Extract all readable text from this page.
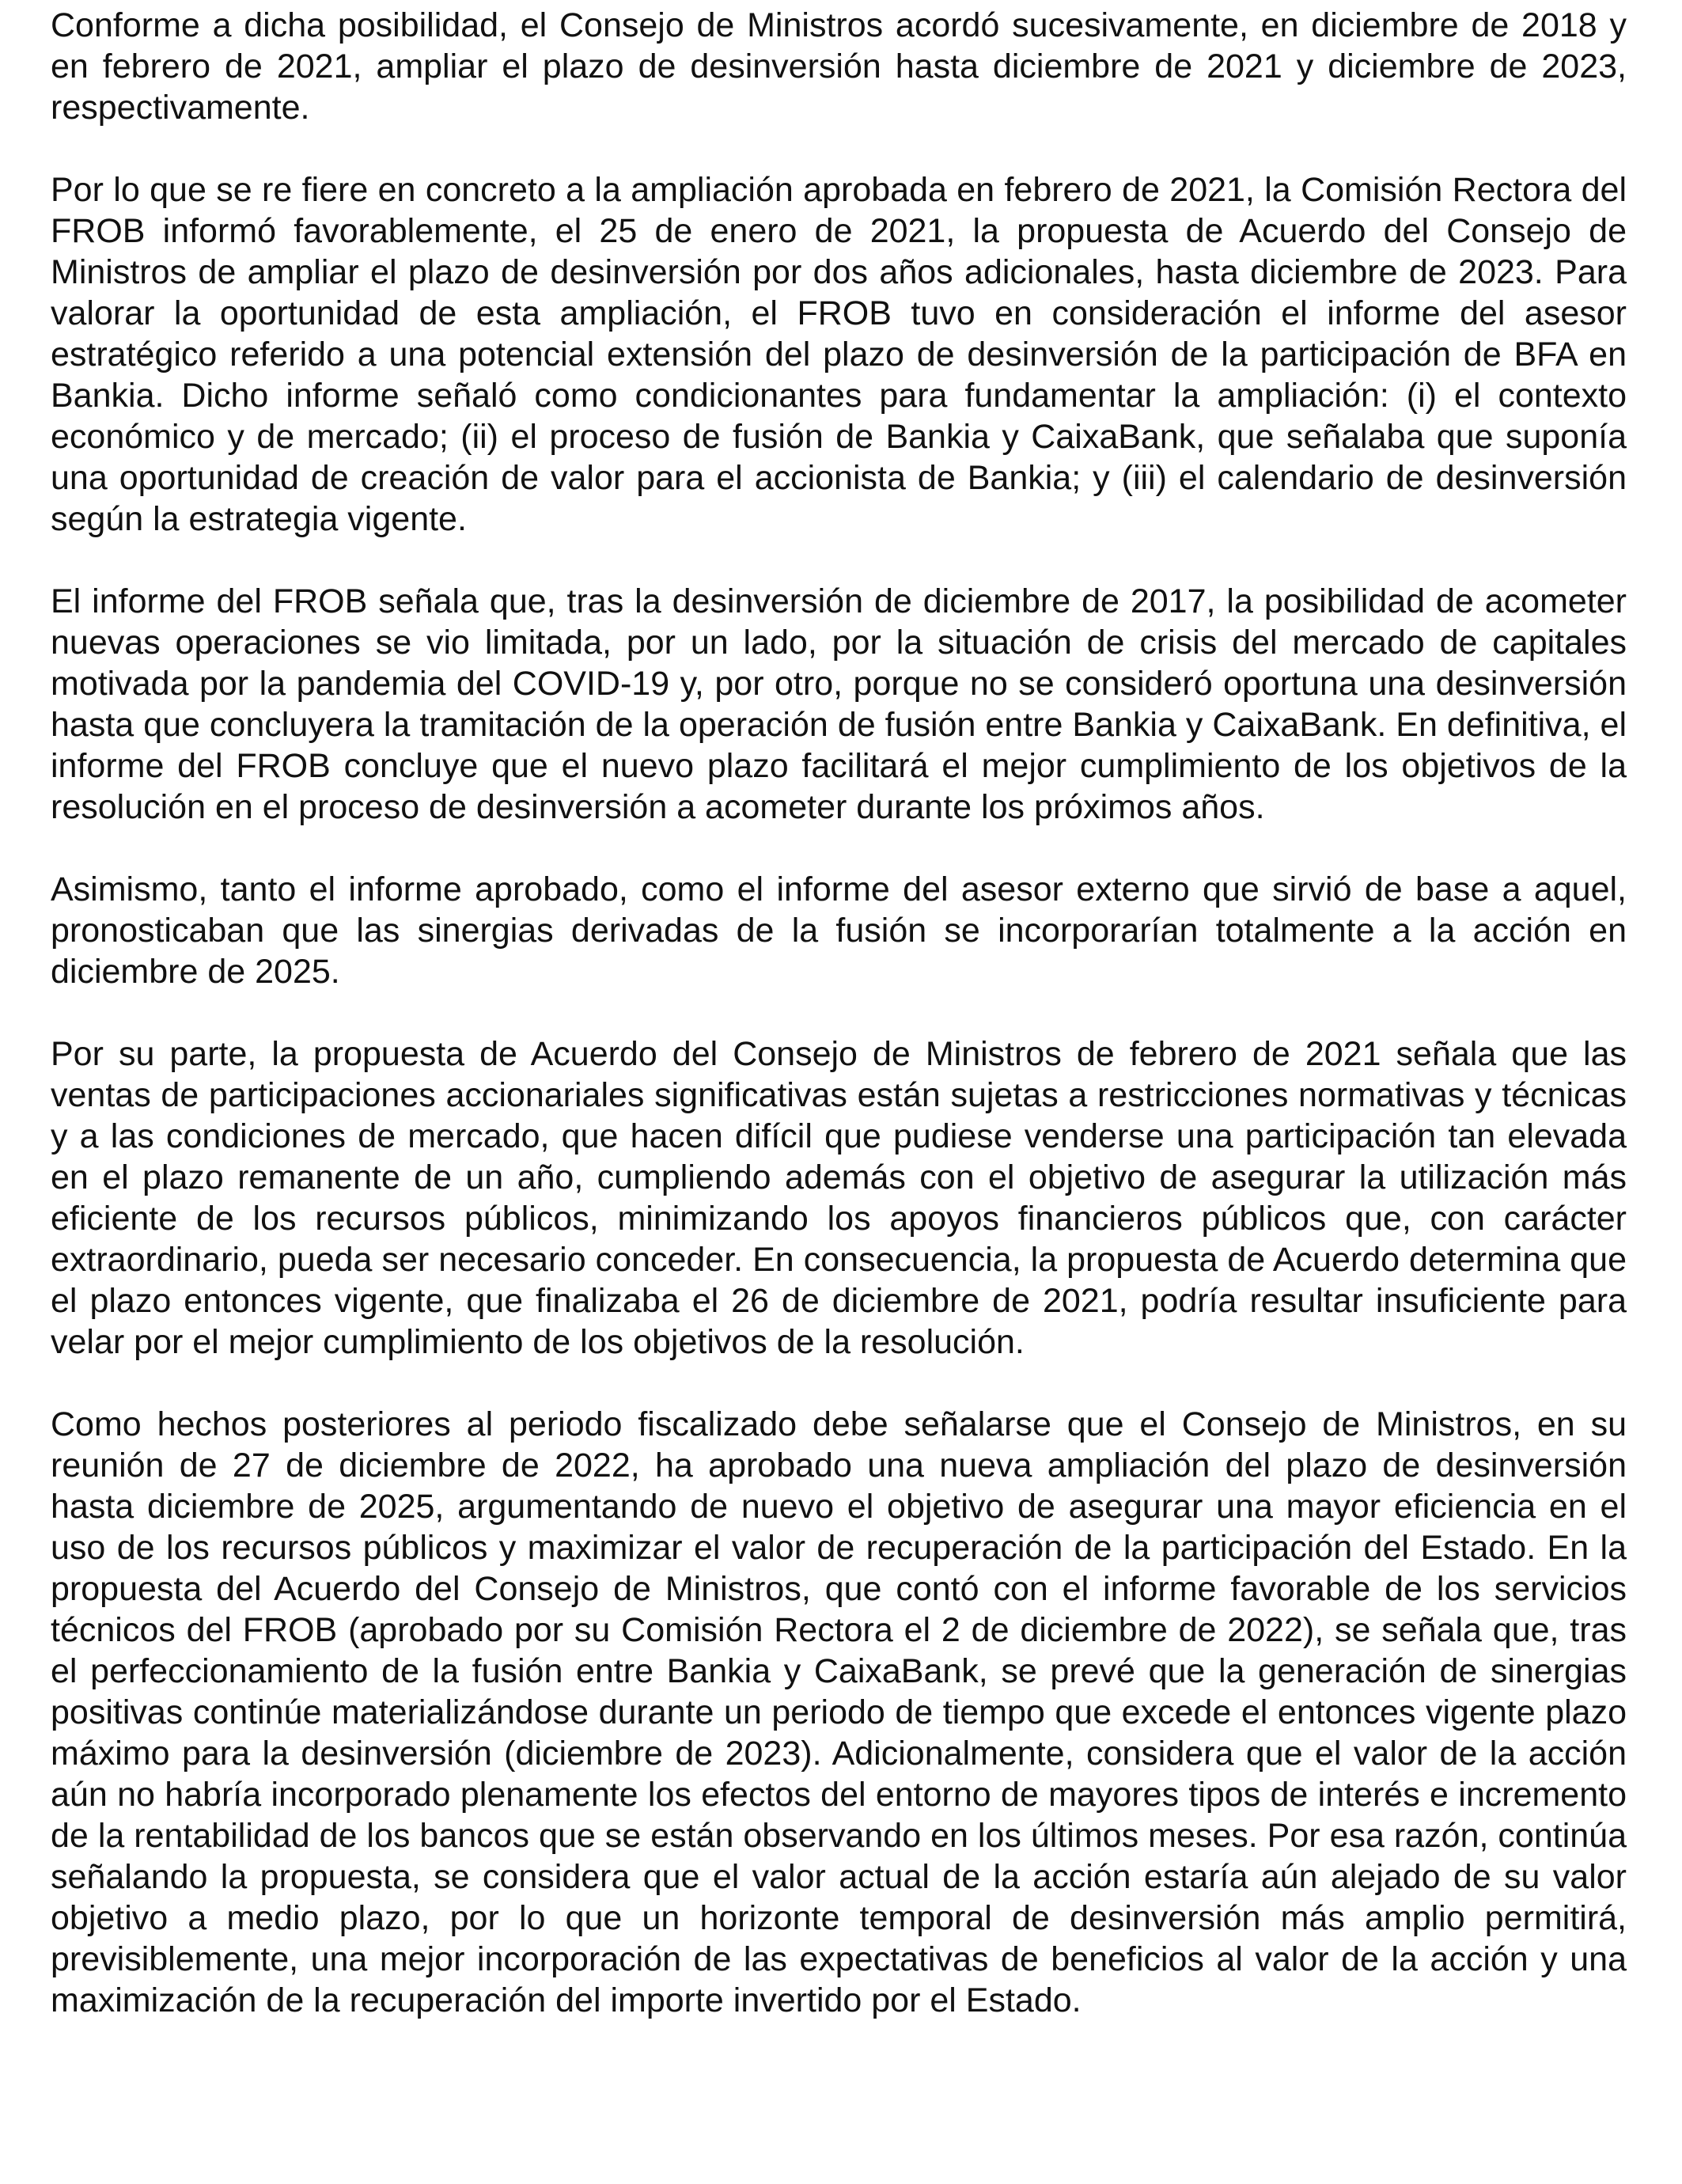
Conforme a dicha posibilidad, el Consejo de Ministros acordó sucesivamente, en diciembre de 2018 y en febrero de 2021, ampliar el plazo de desinversión hasta diciembre de 2021 y diciembre de 2023, respectivamente.

Por lo que se re fiere en concreto a la ampliación aprobada en febrero de 2021, la Comisión Rectora del FROB informó favorablemente, el 25 de enero de 2021, la propuesta de Acuerdo del Consejo de Ministros de ampliar el plazo de desinversión por dos años adicionales, hasta diciembre de 2023. Para valorar la oportunidad de esta ampliación, el FROB tuvo en consideración el informe del asesor estratégico referido a una potencial extensión del plazo de desinversión de la participación de BFA en Bankia. Dicho informe señaló como condicionantes para fundamentar la ampliación: (i) el contexto económico y de mercado; (ii) el proceso de fusión de Bankia y CaixaBank, que señalaba que suponía una oportunidad de creación de valor para el accionista de Bankia; y (iii) el calendario de desinversión según la estrategia vigente.

El informe del FROB señala que, tras la desinversión de diciembre de 2017, la posibilidad de acometer nuevas operaciones se vio limitada, por un lado, por la situación de crisis del mercado de capitales motivada por la pandemia del COVID-19 y, por otro, porque no se consideró oportuna una desinversión hasta que concluyera la tramitación de la operación de fusión entre Bankia y CaixaBank. En definitiva, el informe del FROB concluye que el nuevo plazo facilitará el mejor cumplimiento de los objetivos de la resolución en el proceso de desinversión a acometer durante los próximos años.

Asimismo, tanto el informe aprobado, como el informe del asesor externo que sirvió de base a aquel, pronosticaban que las sinergias derivadas de la fusión se incorporarían totalmente a la acción en diciembre de 2025.

Por su parte, la propuesta de Acuerdo del Consejo de Ministros de febrero de 2021 señala que las ventas de participaciones accionariales significativas están sujetas a restricciones normativas y técnicas y a las condiciones de mercado, que hacen difícil que pudiese venderse una participación tan elevada en el plazo remanente de un año, cumpliendo además con el objetivo de asegurar la utilización más eficiente de los recursos públicos, minimizando los apoyos financieros públicos que, con carácter extraordinario, pueda ser necesario conceder. En consecuencia, la propuesta de Acuerdo determina que el plazo entonces vigente, que finalizaba el 26 de diciembre de 2021, podría resultar insuficiente para velar por el mejor cumplimiento de los objetivos de la resolución.

Como hechos posteriores al periodo fiscalizado debe señalarse que el Consejo de Ministros, en su reunión de 27 de diciembre de 2022, ha aprobado una nueva ampliación del plazo de desinversión hasta diciembre de 2025, argumentando de nuevo el objetivo de asegurar una mayor eficiencia en el uso de los recursos públicos y maximizar el valor de recuperación de la participación del Estado. En la propuesta del Acuerdo del Consejo de Ministros, que contó con el informe favorable de los servicios técnicos del FROB (aprobado por su Comisión Rectora el 2 de diciembre de 2022), se señala que, tras el perfeccionamiento de la fusión entre Bankia y CaixaBank, se prevé que la generación de sinergias positivas continúe materializándose durante un periodo de tiempo que excede el entonces vigente plazo máximo para la desinversión (diciembre de 2023). Adicionalmente, considera que el valor de la acción aún no habría incorporado plenamente los efectos del entorno de mayores tipos de interés e incremento de la rentabilidad de los bancos que se están observando en los últimos meses. Por esa razón, continúa señalando la propuesta, se considera que el valor actual de la acción estaría aún alejado de su valor objetivo a medio plazo, por lo que un horizonte temporal de desinversión más amplio permitirá, previsiblemente, una mejor incorporación de las expectativas de beneficios al valor de la acción y una maximización de la recuperación del importe invertido por el Estado.
